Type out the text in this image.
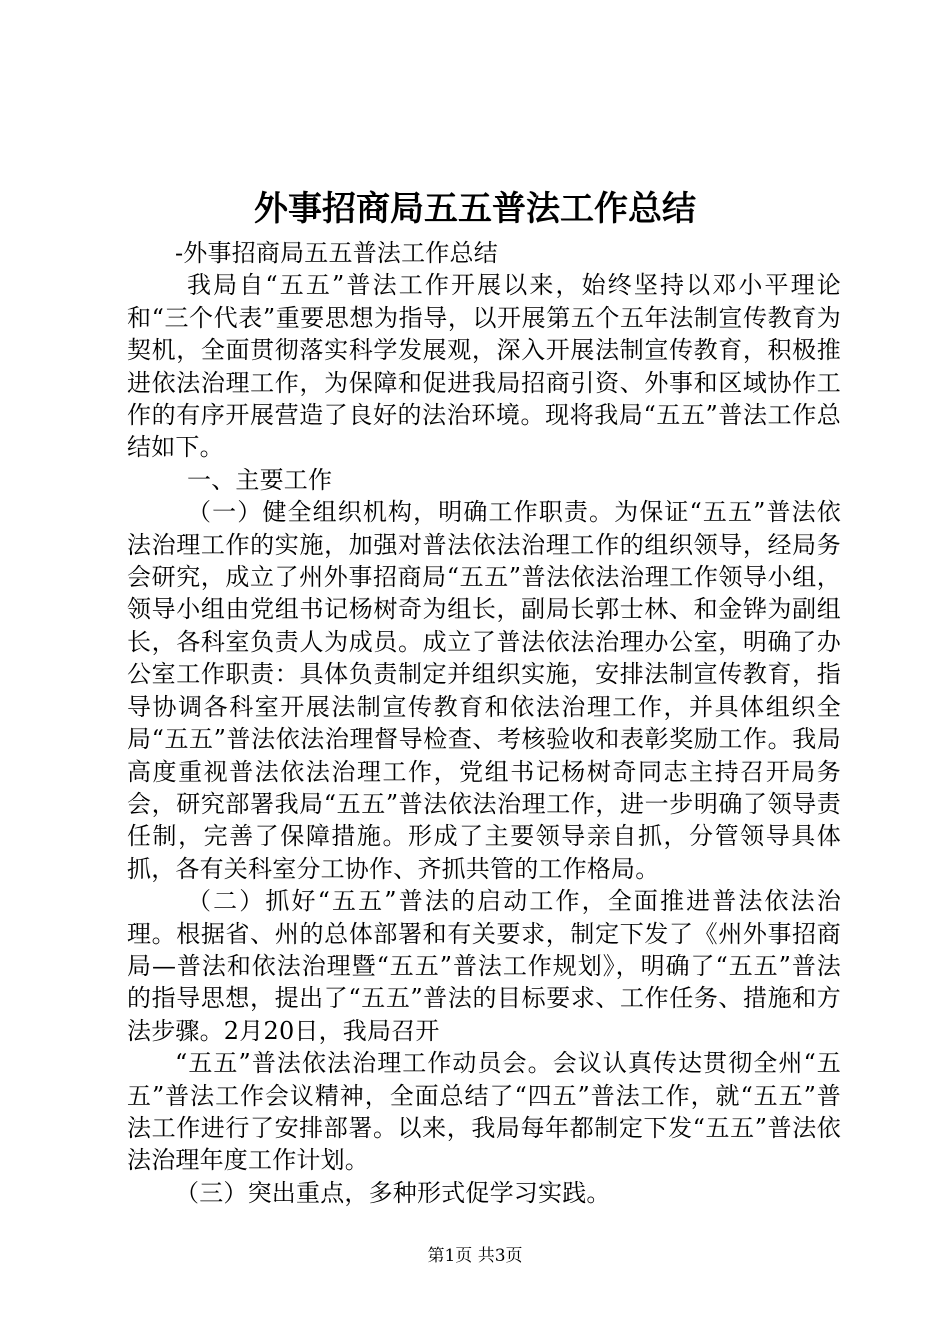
外事招商局五五普法工作总结

-外事招商局五五普法工作总结

我局自“五五”普法工作开展以来，始终坚持以邓小平理论和“三个代表”重要思想为指导，以开展第五个五年法制宣传教育为契机，全面贯彻落实科学发展观，深入开展法制宣传教育，积极推进依法治理工作，为保障和促进我局招商引资、外事和区域协作工作的有序开展营造了良好的法治环境。现将我局“五五”普法工作总结如下。

一、主要工作

（一）健全组织机构，明确工作职责。为保证“五五”普法依法治理工作的实施，加强对普法依法治理工作的组织领导，经局务会研究，成立了州外事招商局“五五”普法依法治理工作领导小组，领导小组由党组书记杨树奇为组长，副局长郭士林、和金铧为副组长，各科室负责人为成员。成立了普法依法治理办公室，明确了办公室工作职责：具体负责制定并组织实施，安排法制宣传教育，指导协调各科室开展法制宣传教育和依法治理工作，并具体组织全局“五五”普法依法治理督导检查、考核验收和表彰奖励工作。我局高度重视普法依法治理工作，党组书记杨树奇同志主持召开局务会，研究部署我局“五五”普法依法治理工作，进一步明确了领导责任制，完善了保障措施。形成了主要领导亲自抓，分管领导具体抓，各有关科室分工协作、齐抓共管的工作格局。

（二）抓好“五五”普法的启动工作，全面推进普法依法治理。根据省、州的总体部署和有关要求，制定下发了《州外事招商局—普法和依法治理暨“五五”普法工作规划》，明确了“五五”普法的指导思想，提出了“五五”普法的目标要求、工作任务、措施和方法步骤。2月20日，我局召开

“五五”普法依法治理工作动员会。会议认真传达贯彻全州“五五”普法工作会议精神，全面总结了“四五”普法工作，就“五五”普法工作进行了安排部署。以来，我局每年都制定下发“五五”普法依法治理年度工作计划。

（三）突出重点，多种形式促学习实践。

第1页 共3页
